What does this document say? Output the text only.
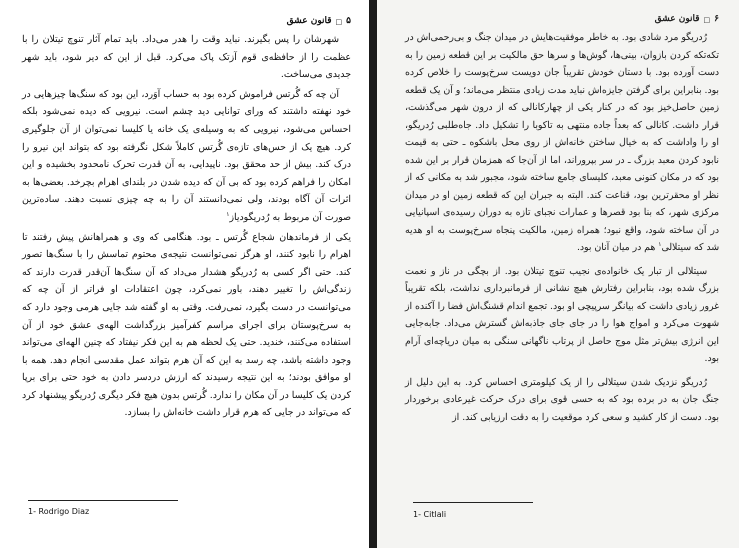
قانون عشق □ ۵

شهرشان را پس بگیرند. نباید وقت را هدر می‌داد. باید تمام آثار تنوچ تیتلان را با عظمت را از حافظه‌ی قوم آزتک پاک می‌کرد. قبل از این که دیر شود، باید شهر جدیدی می‌ساخت.

آن چه که گُرتس فراموش کرده بود به حساب آوَرد، این بود که سنگ‌ها چیزهایی در خود نهفته داشتند که ورای توانایی دید چشم است. نیرویی که دیده نمی‌شود بلکه احساس می‌شود، نیرویی که به وسیله‌ی یک خانه یا کلیسا نمی‌توان از آن جلوگیری کرد. هیچ یک از حس‌های تازه‌ی گُرتس کاملاً شکل نگرفته بود که بتواند این نیرو را درک کند. بیش از حد محقق بود. ناپیدایی، به آن قدرت تحرک نامحدود بخشیده و این امکان را فراهم کرده بود که بی آن که دیده شدن در بلندای اهرام بچرخد. بعضی‌ها به اثرات آن آگاه بودند، ولی نمی‌دانستند آن را به چه چیزی نسبت دهند. ساده‌ترین صورت آن مربوط به رُدریگودیاز$^۱$

یکی از فرماندهان شجاع گُرتس ـ بود. هنگامی که وی و همراهانش پیش رفتند تا اهرام را نابود کنند، او هرگز نمی‌توانست نتیجه‌ی محتوم تماسش را با سنگ‌ها تصور کند. حتی اگر کسی به رُدریگو هشدار می‌داد که آن سنگ‌ها آن‌قدر قدرت دارند که زندگی‌اش را تغییر دهند، باور نمی‌کرد، چون اعتقادات او فراتر از آن چه که می‌توانست در دست بگیرد، نمی‌رفت. وقتی به او گفته شد جایی هرمی وجود دارد که به سرخ‌پوستان برای اجرای مراسم کفرآمیز بزرگداشت الهه‌ی عشق خود از آن استفاده می‌کنند، خندید. حتی یک لحظه هم به این فکر نیفتاد که چنین الهه‌ای می‌تواند وجود داشته باشد، چه رسد به این که آن هرم بتواند عمل مقدسی انجام دهد. همه با او موافق بودند؛ به این نتیجه رسیدند که ارزش دردسر دادن به خود حتی برای برپا کردن یک کلیسا در آن مکان را ندارد. گُرتس بدون هیچ فکر دیگری رُدریگو پیشنهاد کرد که می‌تواند در جایی که هرم قرار داشت خانه‌اش را بسازد.

1- Rodrigo Diaz
قانون عشق □ ۶

رُدریگو مرد شادی بود. به خاطر موفقیت‌هایش در میدان جنگ و بی‌رحمی‌اش در تکه‌تکه کردن بازوان، بینی‌ها، گوش‌ها و سرها حق مالکیت بر این قطعه زمین را به دست آورده بود. با دستان خودش تقریباً جان دویست سرخ‌پوست را خلاص کرده بود. بنابراین برای گرفتن جایزه‌اش نباید مدت زیادی منتظر می‌ماند؛ و آن یک قطعه زمین حاصل‌خیز بود که در کنار یکی از چهارکانالی که از درون شهر می‌گذشت، قرار داشت. کانالی که بعداً جاده منتهی به تاکوبا را تشکیل داد. جاه‌طلبی رُدریگو، او را واداشت که به خیال ساختن خانه‌اش از روی محل باشکوه ـ حتی به قیمت نابود کردن معبد بزرگ ـ در سر بپروراند، اما از آن‌جا که همزمان قرار بر این شده بود که در مکان کنونی معبد، کلیسای جامع ساخته شود، مجبور شد به مکانی که از نظر او محقرترین بود، قناعت کند. البته به جبران این که قطعه زمین او در میدان مرکزی شهر، که بنا بود قصرها و عمارات نجبای تازه به دوران رسیده‌ی اسپانیایی در آن ساخته شود، واقع نبود؛ همراه زمین، مالکیت پنجاه سرخ‌پوست به او هدیه شد که سیتلالی$^۱$ هم در میان آنان بود.

سیتلالی از تبار یک خانواده‌ی نجیب تنوچ تیتلان بود. از بچگی در ناز و نعمت بزرگ شده بود، بنابراین رفتارش هیچ نشانی از فرمانبرداری نداشت، بلکه تقریباً غرور زیادی داشت که بیانگر سرپیچی او بود. تجمع اندام قشنگ‌اش فضا را آکنده از شهوت می‌کرد و امواج هوا را در جای جای جاذبه‌اش گسترش می‌داد. جابه‌جایی این انرژی بیش‌تر مثل موج حاصل از پرتاب ناگهانی سنگی به میان دریاچه‌ای آرام بود.

رُدریگو نزدیک شدن سیتلالی را از یک کیلومتری احساس کرد. به این دلیل از جنگ جان به در برده بود که به حسی قوی برای درک حرکت غیرعادی برخوردار بود. دست از کار کشید و سعی کرد موقعیت را به دقت ارزیابی کند. از

1- Citlali
